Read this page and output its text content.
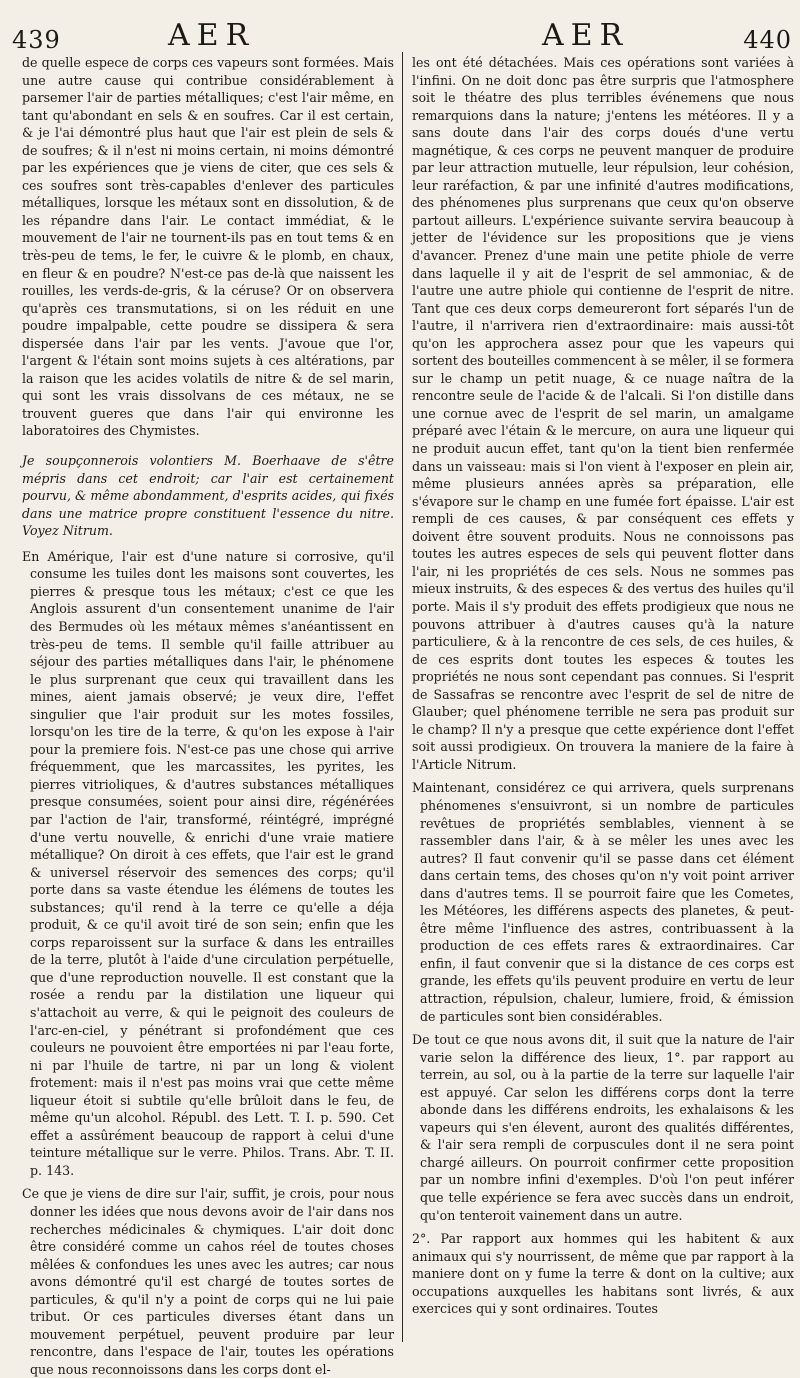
439	AER	AER	440

de quelle espece de corps ces vapeurs sont formées. Mais une autre cause qui contribue considérablement à parsemer l'air de parties métalliques; c'est l'air même, en tant qu'abondant en sels & en soufres. Car il est certain, & je l'ai démontré plus haut que l'air est plein de sels & de soufres; & il n'est ni moins certain, ni moins démontré par les expériences que je viens de citer, que ces sels & ces soufres sont très-capables d'enlever des particules métalliques, lorsque les métaux sont en dissolution, & de les répandre dans l'air. Le contact immédiat, & le mouvement de l'air ne tournent-ils pas en tout tems & en très-peu de tems, le fer, le cuivre & le plomb, en chaux, en fleur & en poudre? N'est-ce pas de-là que naissent les rouilles, les verds-de-gris, & la céruse? Or on observera qu'après ces transmutations, si on les réduit en une poudre impalpable, cette poudre se dissipera & sera dispersée dans l'air par les vents. J'avoue que l'or, l'argent & l'étain sont moins sujets à ces altérations, par la raison que les acides volatils de nitre & de sel marin, qui sont les vrais dissolvans de ces métaux, ne se trouvent gueres que dans l'air qui environne les laboratoires des Chymistes.

Je soupçonnerois volontiers M. Boerhaave de s'être mépris dans cet endroit; car l'air est certainement pourvu, & même abondamment, d'esprits acides, qui fixés dans une matrice propre constituent l'essence du nitre. Voyez Nitrum.

En Amérique, l'air est d'une nature si corrosive, qu'il consume les tuiles dont les maisons sont couvertes, les pierres & presque tous les métaux; c'est ce que les Anglois assurent d'un consentement unanime de l'air des Bermudes où les métaux mêmes s'anéantissent en très-peu de tems. Il semble qu'il faille attribuer au séjour des parties métalliques dans l'air, le phénomene le plus surprenant que ceux qui travaillent dans les mines, aient jamais observé; je veux dire, l'effet singulier que l'air produit sur les motes fossiles, lorsqu'on les tire de la terre, & qu'on les expose à l'air pour la premiere fois. N'est-ce pas une chose qui arrive fréquemment, que les marcassites, les pyrites, les pierres vitrioliques, & d'autres substances métalliques presque consumées, soient pour ainsi dire, régénérées par l'action de l'air, transformé, réintégré, imprégné d'une vertu nouvelle, & enrichi d'une vraie matiere métallique? On diroit à ces effets, que l'air est le grand & universel réservoir des semences des corps; qu'il porte dans sa vaste étendue les élémens de toutes les substances; qu'il rend à la terre ce qu'elle a déja produit, & ce qu'il avoit tiré de son sein; enfin que les corps reparoissent sur la surface & dans les entrailles de la terre, plutôt à l'aide d'une circulation perpétuelle, que d'une reproduction nouvelle. Il est constant que la rosée a rendu par la distilation une liqueur qui s'attachoit au verre, & qui le peignoit des couleurs de l'arc-en-ciel, y pénétrant si profondément que ces couleurs ne pouvoient être emportées ni par l'eau forte, ni par l'huile de tartre, ni par un long & violent frotement: mais il n'est pas moins vrai que cette même liqueur étoit si subtile qu'elle brûloit dans le feu, de même qu'un alcohol. Républ. des Lett. T. I. p. 590. Cet effet a assûrément beaucoup de rapport à celui d'une teinture métallique sur le verre. Philos. Trans. Abr. T. II. p. 143.

Ce que je viens de dire sur l'air, suffit, je crois, pour nous donner les idées que nous devons avoir de l'air dans nos recherches médicinales & chymiques. L'air doit donc être considéré comme un cahos réel de toutes choses mêlées & confondues les unes avec les autres; car nous avons démontré qu'il est chargé de toutes sortes de particules, & qu'il n'y a point de corps qui ne lui paie tribut. Or ces particules diverses étant dans un mouvement perpétuel, peuvent produire par leur rencontre, dans l'espace de l'air, toutes les opérations que nous reconnoissons dans les corps dont el-

les ont été détachées. Mais ces opérations sont variées à l'infini. On ne doit donc pas être surpris que l'atmosphere soit le théatre des plus terribles événemens que nous remarquions dans la nature; j'entens les météores. Il y a sans doute dans l'air des corps doués d'une vertu magnétique, & ces corps ne peuvent manquer de produire par leur attraction mutuelle, leur répulsion, leur cohésion, leur raréfaction, & par une infinité d'autres modifications, des phénomenes plus surprenans que ceux qu'on observe partout ailleurs. L'expérience suivante servira beaucoup à jetter de l'évidence sur les propositions que je viens d'avancer. Prenez d'une main une petite phiole de verre dans laquelle il y ait de l'esprit de sel ammoniac, & de l'autre une autre phiole qui contienne de l'esprit de nitre. Tant que ces deux corps demeureront fort séparés l'un de l'autre, il n'arrivera rien d'extraordinaire: mais aussi-tôt qu'on les approchera assez pour que les vapeurs qui sortent des bouteilles commencent à se mêler, il se formera sur le champ un petit nuage, & ce nuage naîtra de la rencontre seule de l'acide & de l'alcali. Si l'on distille dans une cornue avec de l'esprit de sel marin, un amalgame préparé avec l'étain & le mercure, on aura une liqueur qui ne produit aucun effet, tant qu'on la tient bien renfermée dans un vaisseau: mais si l'on vient à l'exposer en plein air, même plusieurs années après sa préparation, elle s'évapore sur le champ en une fumée fort épaisse. L'air est rempli de ces causes, & par conséquent ces effets y doivent être souvent produits. Nous ne connoissons pas toutes les autres especes de sels qui peuvent flotter dans l'air, ni les propriétés de ces sels. Nous ne sommes pas mieux instruits, & des especes & des vertus des huiles qu'il porte. Mais il s'y produit des effets prodigieux que nous ne pouvons attribuer à d'autres causes qu'à la nature particuliere, & à la rencontre de ces sels, de ces huiles, & de ces esprits dont toutes les especes & toutes les propriétés ne nous sont cependant pas connues. Si l'esprit de Sassafras se rencontre avec l'esprit de sel de nitre de Glauber; quel phénomene terrible ne sera pas produit sur le champ? Il n'y a presque que cette expérience dont l'effet soit aussi prodigieux. On trouvera la maniere de la faire à l'Article Nitrum.

Maintenant, considérez ce qui arrivera, quels surprenans phénomenes s'ensuivront, si un nombre de particules revêtues de propriétés semblables, viennent à se rassembler dans l'air, & à se mêler les unes avec les autres? Il faut convenir qu'il se passe dans cet élément dans certain tems, des choses qu'on n'y voit point arriver dans d'autres tems. Il se pourroit faire que les Cometes, les Météores, les différens aspects des planetes, & peut-être même l'influence des astres, contribuassent à la production de ces effets rares & extraordinaires. Car enfin, il faut convenir que si la distance de ces corps est grande, les effets qu'ils peuvent produire en vertu de leur attraction, répulsion, chaleur, lumiere, froid, & émission de particules sont bien considérables.

De tout ce que nous avons dit, il suit que la nature de l'air varie selon la différence des lieux, 1°. par rapport au terrein, au sol, ou à la partie de la terre sur laquelle l'air est appuyé. Car selon les différens corps dont la terre abonde dans les différens endroits, les exhalaisons & les vapeurs qui s'en élevent, auront des qualités différentes, & l'air sera rempli de corpuscules dont il ne sera point chargé ailleurs. On pourroit confirmer cette proposition par un nombre infini d'exemples. D'où l'on peut inférer que telle expérience se fera avec succès dans un endroit, qu'on tenteroit vainement dans un autre.

2°. Par rapport aux hommes qui les habitent & aux animaux qui s'y nourrissent, de même que par rapport à la maniere dont on y fume la terre & dont on la cultive; aux occupations auxquelles les habitans sont livrés, & aux exercices qui y sont ordinaires. Toutes
